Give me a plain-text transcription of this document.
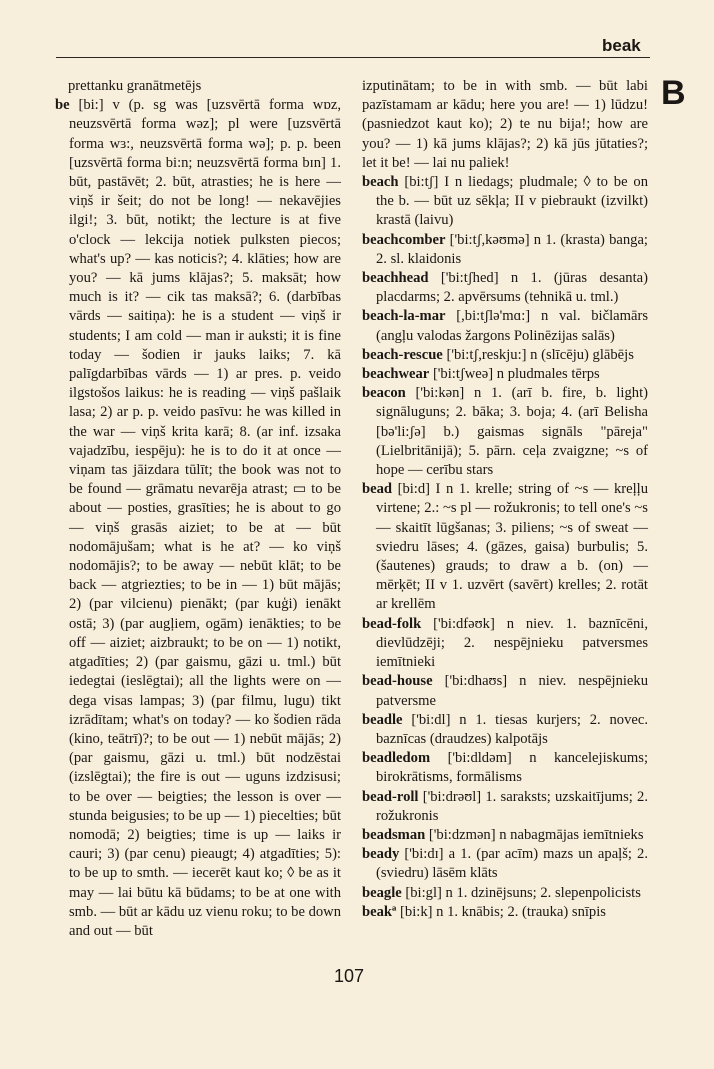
beak
B
prettanku granātmetējs
be [bi:] v (p. sg was [uzsvērtā forma wɒz, neuzsvērtā forma wəz]; pl were [uzsvērtā forma wɜ:, neuzsvērtā forma wə]; p. p. been [uzsvērtā forma bi:n; neuzsvērtā forma bɪn] 1. būt, pastāvēt; 2. būt, atrasties; he is here — viņš ir šeit; do not be long! — nekavējies ilgi!; 3. būt, notikt; the lecture is at five o'clock — lekcija notiek pulksten piecos; what's up? — kas noticis?; 4. klāties; how are you? — kā jums klājas?; 5. maksāt; how much is it? — cik tas maksā?; 6. (darbības vārds — saitiņa): he is a student — viņš ir students; I am cold — man ir auksti; it is fine today — šodien ir jauks laiks; 7. kā palīgdarbības vārds — 1) ar pres. p. veido ilgstošos laikus: he is reading — viņš pašlaik lasa; 2) ar p. p. veido pasīvu: he was killed in the war — viņš krita karā; 8. (ar inf. izsaka vajadzību, iespēju): he is to do it at once — viņam tas jāizdara tūlīt; the book was not to be found — grāmatu nevarēja atrast; ▭ to be about — posties, grasīties; he is about to go — viņš grasās aiziet; to be at — būt nodomājušam; what is he at? — ko viņš nodomājis?; to be away — nebūt klāt; to be back — atgriezties; to be in — 1) būt mājās; 2) (par vilcienu) pienākt; (par kuģi) ienākt ostā; 3) (par augļiem, ogām) ienākties; to be off — aiziet; aizbraukt; to be on — 1) notikt, atgadīties; 2) (par gaismu, gāzi u. tml.) būt iedegtai (ieslēgtai); all the lights were on — dega visas lampas; 3) (par filmu, lugu) tikt izrādītam; what's on today? — ko šodien rāda (kino, teātrī)?; to be out — 1) nebūt mājās; 2) (par gaismu, gāzi u. tml.) būt nodzēstai (izslēgtai); the fire is out — uguns izdzisusi; to be over — beigties; the lesson is over — stunda beigusies; to be up — 1) piecelties; būt nomodā; 2) beigties; time is up — laiks ir cauri; 3) (par cenu) pieaugt; 4) atgadīties; 5): to be up to smth. — iecerēt kaut ko; ◊ be as it may — lai būtu kā būdams; to be at one with smb. — būt ar kādu uz vienu roku; to be down and out — būt
izputinātam; to be in with smb. — būt labi pazīstamam ar kādu; here you are! — 1) lūdzu! (pasniedzot kaut ko); 2) te nu bija!; how are you? — 1) kā jums klājas?; 2) kā jūs jūtaties?; let it be! — lai nu paliek!
beach [bi:tʃ] I n liedags; pludmale; ◊ to be on the b. — būt uz sēkļa; II v piebraukt (izvilkt) krastā (laivu)
beachcomber ['bi:tʃ,kəʊmə] n 1. (krasta) banga; 2. sl. klaidonis
beachhead ['bi:tʃhed] n 1. (jūras desanta) placdarms; 2. apvērsums (tehnikā u. tml.)
beach-la-mar [,bi:tʃlə'mɑ:] n val. bičlamārs (angļu valodas žargons Polinēzijas salās)
beach-rescue ['bi:tʃ,reskju:] n (slīcēju) glābējs
beachwear ['bi:tʃweə] n pludmales tērps
beacon ['bi:kən] n 1. (arī b. fire, b. light) signāluguns; 2. bāka; 3. boja; 4. (arī Belisha [bə'li:ʃə] b.) gaismas signāls "pāreja" (Lielbritānijā); 5. pārn. ceļa zvaigzne; ~s of hope — cerību stars
bead [bi:d] I n 1. krelle; string of ~s — kreļļu virtene; 2.: ~s pl — rožukronis; to tell one's ~s — skaitīt lūgšanas; 3. piliens; ~s of sweat — sviedru lāses; 4. (gāzes, gaisa) burbulis; 5. (šautenes) grauds; to draw a b. (on) — mērķēt; II v 1. uzvērt (savērt) krelles; 2. rotāt ar krellēm
bead-folk ['bi:dfəʊk] n niev. 1. baznīcēni, dievlūdzēji; 2. nespējnieku patversmes iemītnieki
bead-house ['bi:dhaʊs] n niev. nespējnieku patversme
beadle ['bi:dl] n 1. tiesas kurjers; 2. novec. baznīcas (draudzes) kalpotājs
beadledom ['bi:dldəm] n kancelejiskums; birokrātisms, formālisms
bead-roll ['bi:drəʊl] 1. saraksts; uzskaitījums; 2. rožukronis
beadsman ['bi:dzmən] n nabagmājas iemītnieks
beady ['bi:dɪ] a 1. (par acīm) mazs un apaļš; 2. (sviedru) lāsēm klāts
beagle [bi:gl] n 1. dzinējsuns; 2. slepenpolicists
beakª [bi:k] n 1. knābis; 2. (trauka) snīpis
107
